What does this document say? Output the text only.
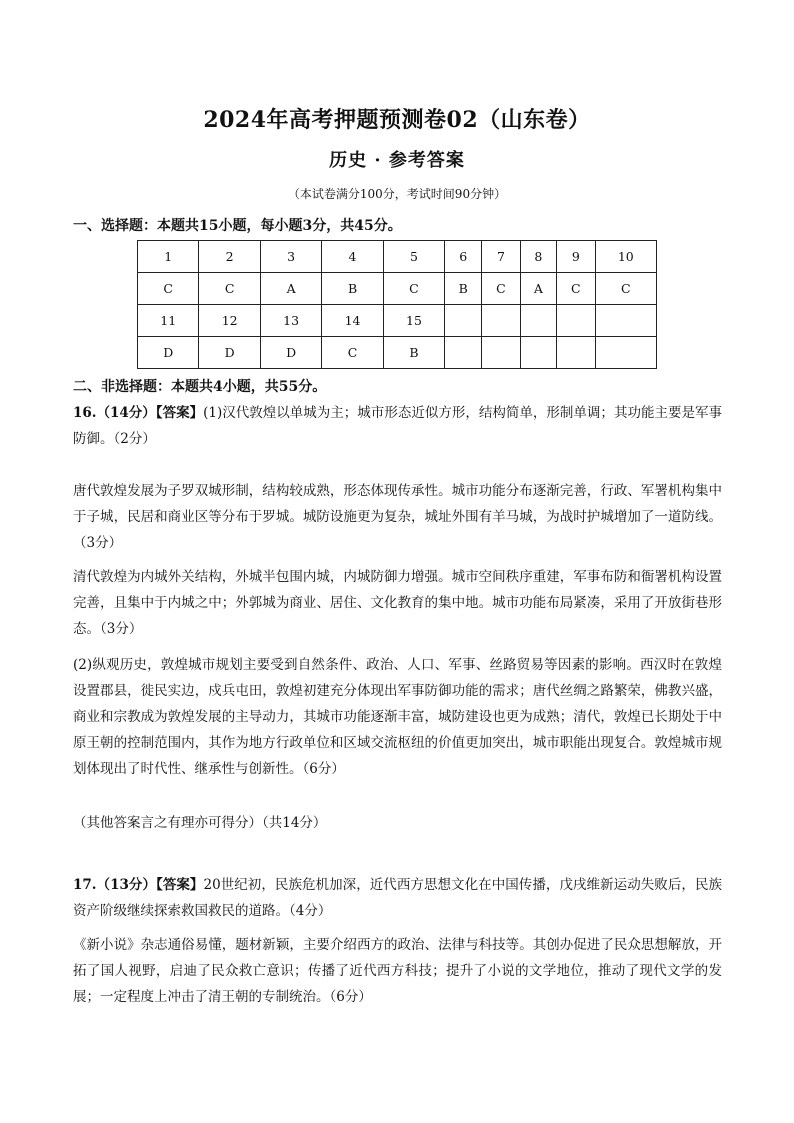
2024年高考押题预测卷02（山东卷）
历史 · 参考答案
（本试卷满分100分，考试时间90分钟）
一、选择题：本题共15小题，每小题3分，共45分。
1	2	3	4	5	6	7	8	9	10
C	C	A	B	C	B	C	A	C	C
11	12	13	14	15					
D	D	D	C	B					
二、非选择题：本题共4小题，共55分。

16.（14分）【答案】(1)汉代敦煌以单城为主；城市形态近似方形，结构简单，形制单调；其功能主要是军事防御。（2分）

唐代敦煌发展为子罗双城形制，结构较成熟，形态体现传承性。城市功能分布逐渐完善，行政、军署机构集中于子城，民居和商业区等分布于罗城。城防设施更为复杂，城址外围有羊马城，为战时护城增加了一道防线。（3分）

清代敦煌为内城外关结构，外城半包围内城，内城防御力增强。城市空间秩序重建，军事布防和衙署机构设置完善，且集中于内城之中；外郭城为商业、居住、文化教育的集中地。城市功能布局紧凑，采用了开放街巷形态。（3分）

(2)纵观历史，敦煌城市规划主要受到自然条件、政治、人口、军事、丝路贸易等因素的影响。西汉时在敦煌设置郡县，徙民实边，戍兵屯田，敦煌初建充分体现出军事防御功能的需求；唐代丝绸之路繁荣，佛教兴盛，商业和宗教成为敦煌发展的主导动力，其城市功能逐渐丰富，城防建设也更为成熟；清代，敦煌已长期处于中原王朝的控制范围内，其作为地方行政单位和区域交流枢纽的价值更加突出，城市职能出现复合。敦煌城市规划体现出了时代性、继承性与创新性。（6分）

（其他答案言之有理亦可得分）（共14分）

17.（13分）【答案】20世纪初，民族危机加深，近代西方思想文化在中国传播，戊戌维新运动失败后，民族资产阶级继续探索救国救民的道路。（4分）

《新小说》杂志通俗易懂，题材新颖，主要介绍西方的政治、法律与科技等。其创办促进了民众思想解放，开拓了国人视野，启迪了民众救亡意识；传播了近代西方科技；提升了小说的文学地位，推动了现代文学的发展；一定程度上冲击了清王朝的专制统治。（6分）
